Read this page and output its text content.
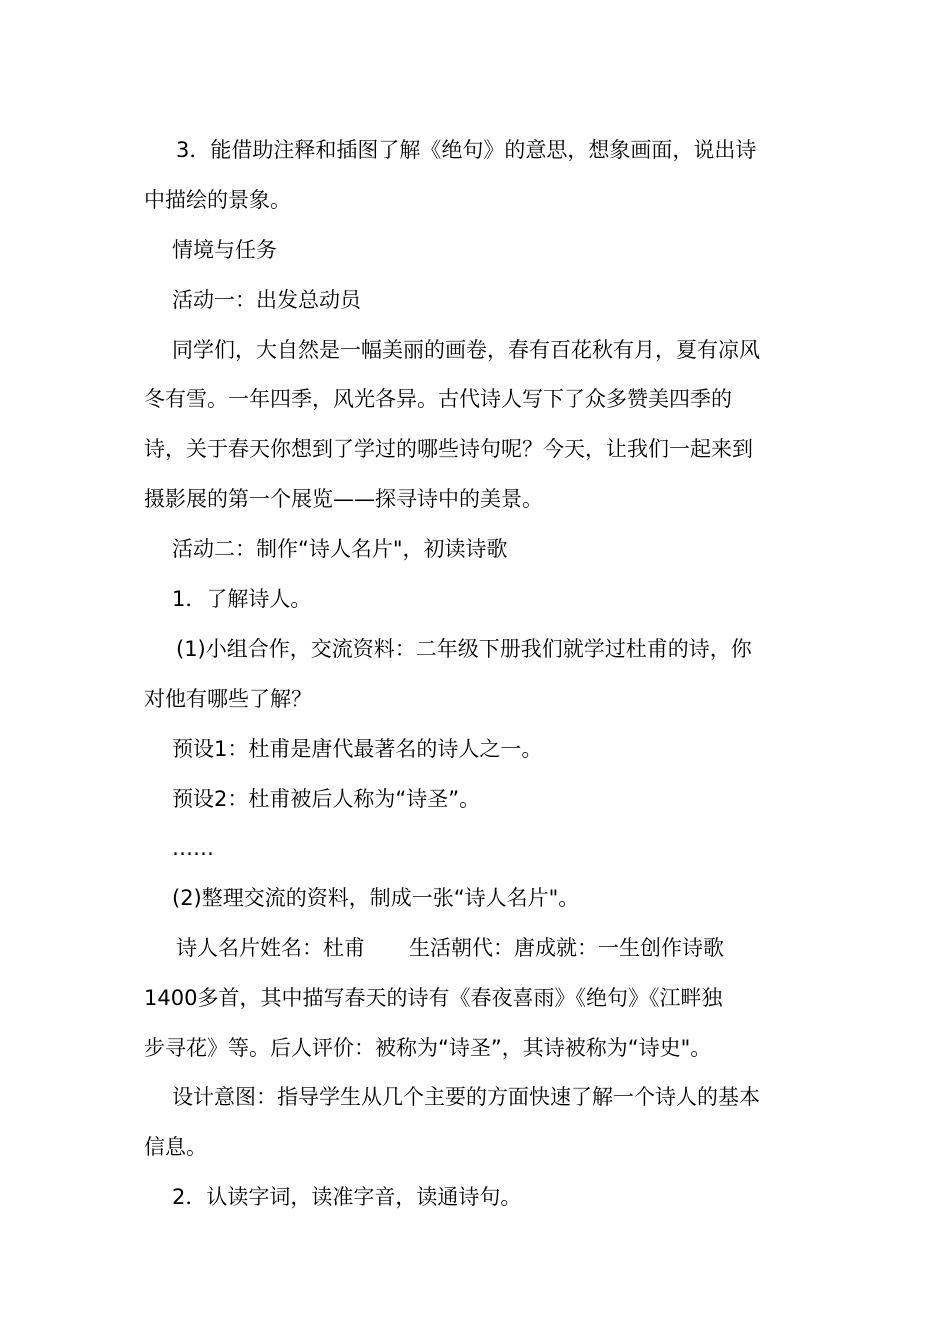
3．能借助注释和插图了解《绝句》的意思，想象画面，说出诗
中描绘的景象。
情境与任务
活动一：出发总动员
同学们，大自然是一幅美丽的画卷，春有百花秋有月，夏有凉风
冬有雪。一年四季，风光各异。古代诗人写下了众多赞美四季的
诗，关于春天你想到了学过的哪些诗句呢？今天，让我们一起来到
摄影展的第一个展览——探寻诗中的美景。
活动二：制作“诗人名片"，初读诗歌
1．了解诗人。
(1)小组合作，交流资料：二年级下册我们就学过杜甫的诗，你
对他有哪些了解？
预设1：杜甫是唐代最著名的诗人之一。
预设2：杜甫被后人称为“诗圣”。
……
(2)整理交流的资料，制成一张“诗人名片"。
诗人名片姓名：杜甫 生活朝代：唐成就：一生创作诗歌
1400多首，其中描写春天的诗有《春夜喜雨》《绝句》《江畔独
步寻花》等。后人评价：被称为“诗圣”，其诗被称为“诗史"。
设计意图：指导学生从几个主要的方面快速了解一个诗人的基本
信息。
2．认读字词，读准字音，读通诗句。
